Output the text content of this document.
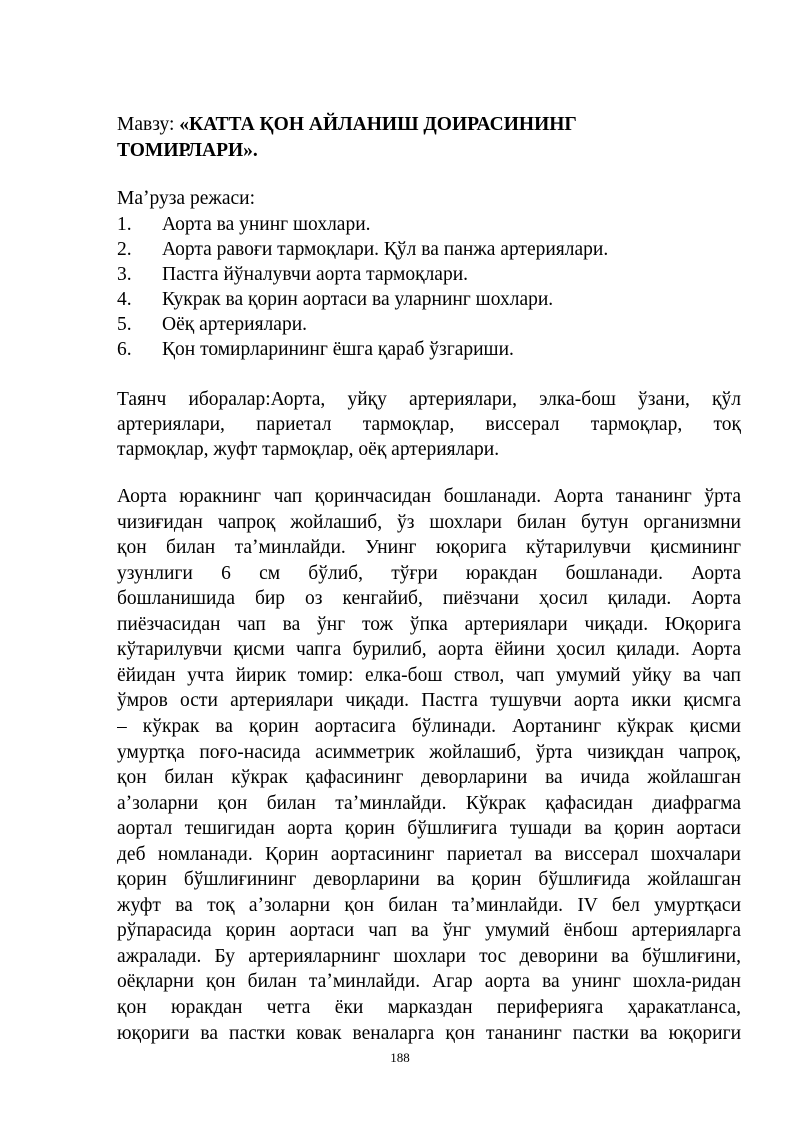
Мавзу: «КАТТА ҚОН АЙЛАНИШ ДОИРАСИНИНГ
ТОМИРЛАРИ».
Маʼруза режаси:
1. Аорта ва унинг шохлари.
2. Аорта равоғи тармоқлари. Қўл ва панжа артериялари.
3. Пастга йўналувчи аорта тармоқлари.
4. Кукрак ва қорин аортаси ва уларнинг шохлари.
5. Оёқ артериялари.
6. Қон томирларининг ёшга қараб ўзгариши.
Таянч иборалар:Аорта, уйқу артериялари, элка-бош ўзани, қўл
артериялари, париетал тармоқлар, висcерал тармоқлар, тоқ
тармоқлар, жуфт тармоқлар, оёқ артериялари.
Аорта юракнинг чап қоринчасидан бошланади. Аорта тананинг ўрта
чизиғидан чапроқ жойлашиб, ўз шохлари билан бутун организмни
қон билан таʼминлайди. Унинг юқорига кўтарилувчи қисмининг
узунлиги 6 см бўлиб, тўғри юракдан бошланади. Аорта
бошланишида бир оз кенгайиб, пиёзчани ҳосил қилади. Аорта
пиёзчасидан чап ва ўнг тож ўпка артериялари чиқади. Юқорига
кўтарилувчи қисми чапга бурилиб, аорта ёйини ҳосил қилади. Аорта
ёйидан учта йирик томир: елка-бош ствол, чап умумий уйқу ва чап
ўмров ости артериялари чиқади. Пастга тушувчи аорта икки қисмга
– кўкрак ва қорин аортасига бўлинади. Аортанинг кўкрак қисми
умуртқа поғо-насида асимметрик жойлашиб, ўрта чизиқдан чапроқ,
қон билан кўкрак қафасининг деворларини ва ичида жойлашган
аʼзоларни қон билан таʼминлайди. Кўкрак қафасидан диафрагма
аортал тешигидан аорта қорин бўшлиғига тушади ва қорин аортаси
деб номланади. Қорин аортасининг париетал ва висcерал шохчалари
қорин бўшлиғининг деворларини ва қорин бўшлиғида жойлашган
жуфт ва тоқ аʼзоларни қон билан таʼминлайди. IV бел умуртқаси
рўпарасида қорин аортаси чап ва ўнг умумий ёнбош артерияларга
ажралади. Бу артерияларнинг шохлари тос деворини ва бўшлиғини,
оёқларни қон билан таʼминлайди. Агар аорта ва унинг шохла-ридан
қон юракдан четга ёки марказдан периферияга ҳаракатланса,
юқориги ва пастки ковак веналарга қон тананинг пастки ва юқориги
188
